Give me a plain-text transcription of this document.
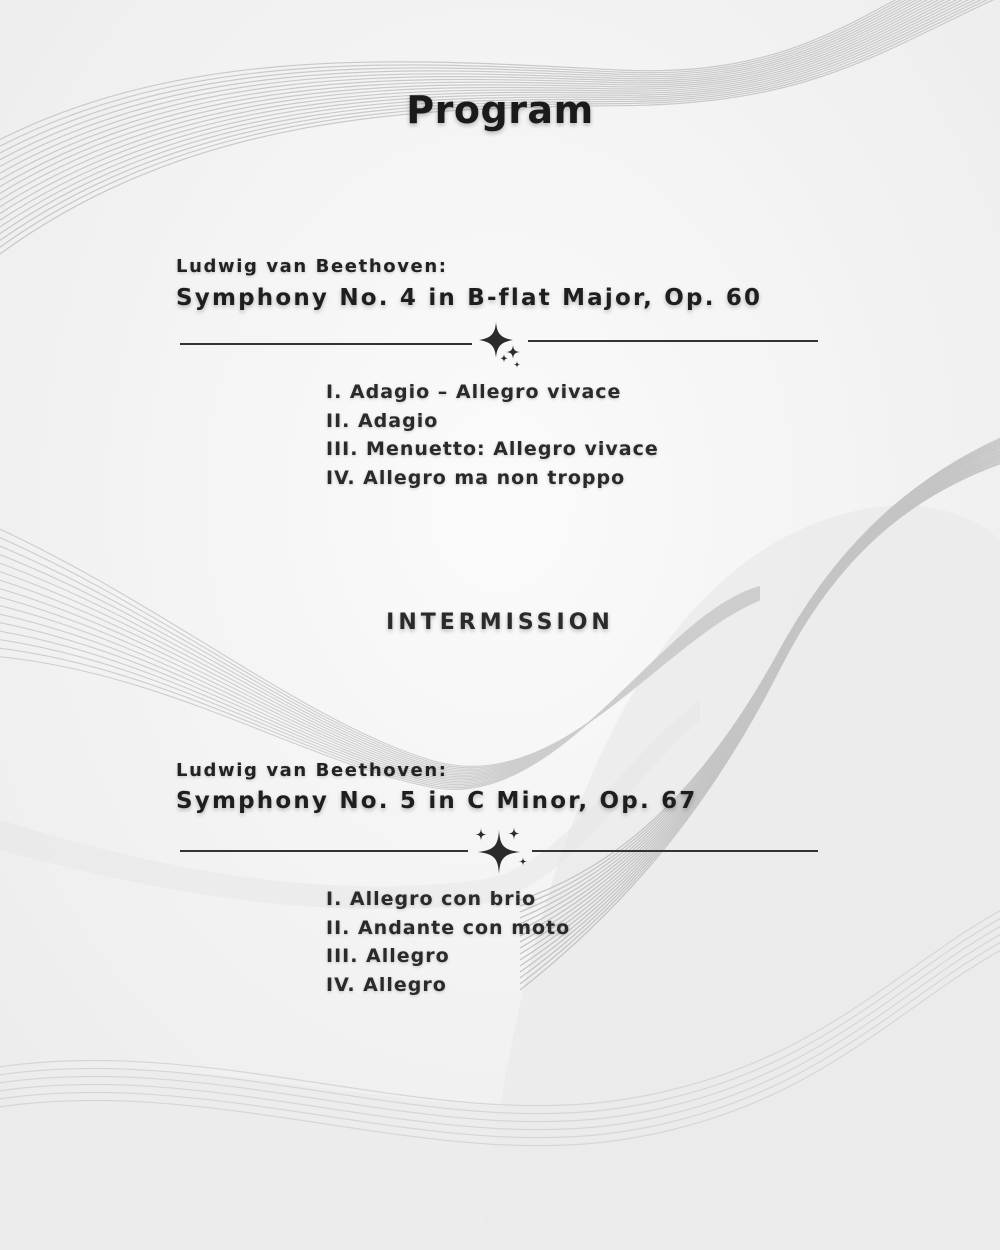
Program
Ludwig van Beethoven:
Symphony No. 4 in B-flat Major, Op. 60
I. Adagio – Allegro vivace
II. Adagio
III. Menuetto: Allegro vivace
IV. Allegro ma non troppo
INTERMISSION
Ludwig van Beethoven:
Symphony No. 5 in C Minor, Op. 67
I. Allegro con brio
II. Andante con moto
III. Allegro
IV. Allegro
